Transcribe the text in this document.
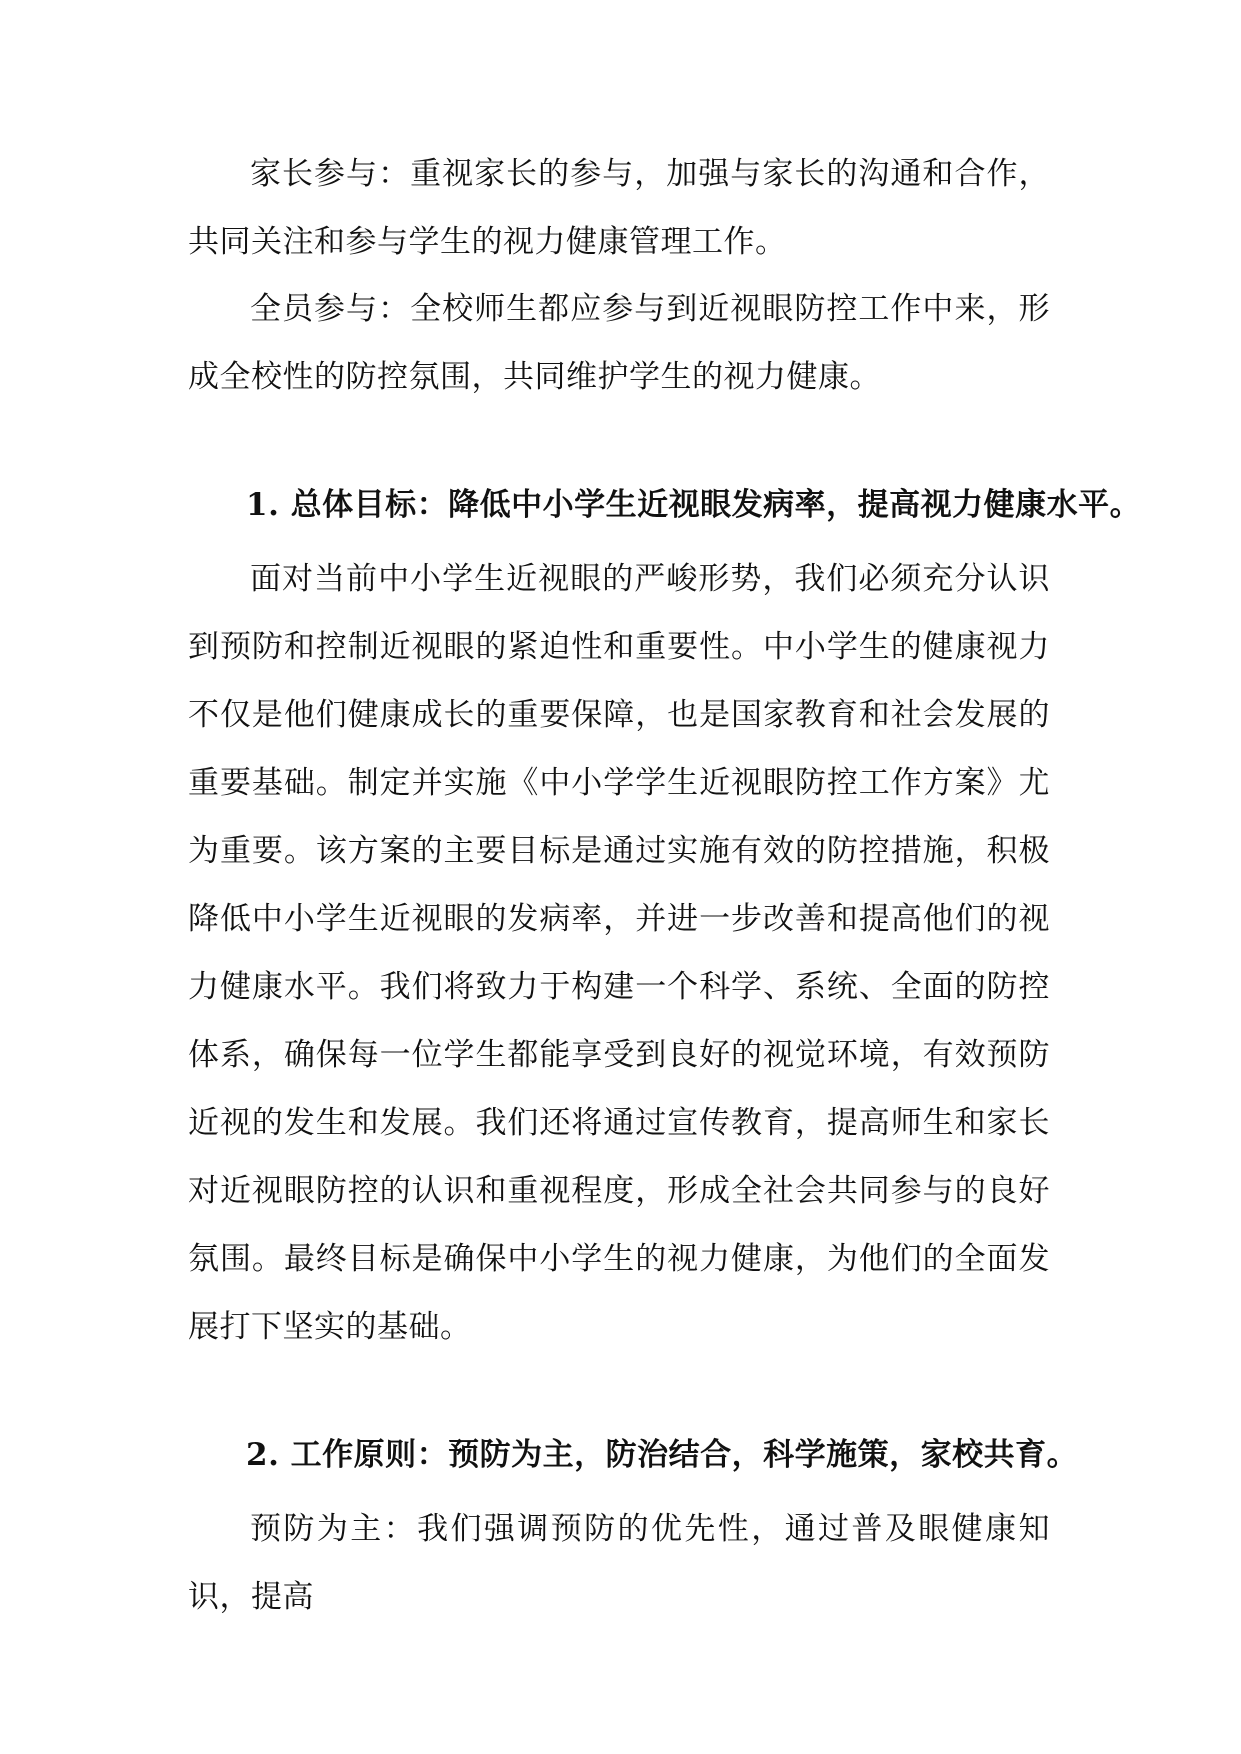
家长参与：重视家长的参与，加强与家长的沟通和合作，共同关注和参与学生的视力健康管理工作。

全员参与：全校师生都应参与到近视眼防控工作中来，形成全校性的防控氛围，共同维护学生的视力健康。

1. 总体目标：降低中小学生近视眼发病率，提高视力健康水平。

面对当前中小学生近视眼的严峻形势，我们必须充分认识到预防和控制近视眼的紧迫性和重要性。中小学生的健康视力不仅是他们健康成长的重要保障，也是国家教育和社会发展的重要基础。制定并实施《中小学学生近视眼防控工作方案》尤为重要。该方案的主要目标是通过实施有效的防控措施，积极降低中小学生近视眼的发病率，并进一步改善和提高他们的视力健康水平。我们将致力于构建一个科学、系统、全面的防控体系，确保每一位学生都能享受到良好的视觉环境，有效预防近视的发生和发展。我们还将通过宣传教育，提高师生和家长对近视眼防控的认识和重视程度，形成全社会共同参与的良好氛围。最终目标是确保中小学生的视力健康，为他们的全面发展打下坚实的基础。

2. 工作原则：预防为主，防治结合，科学施策，家校共育。

预防为主：我们强调预防的优先性，通过普及眼健康知识，提高
